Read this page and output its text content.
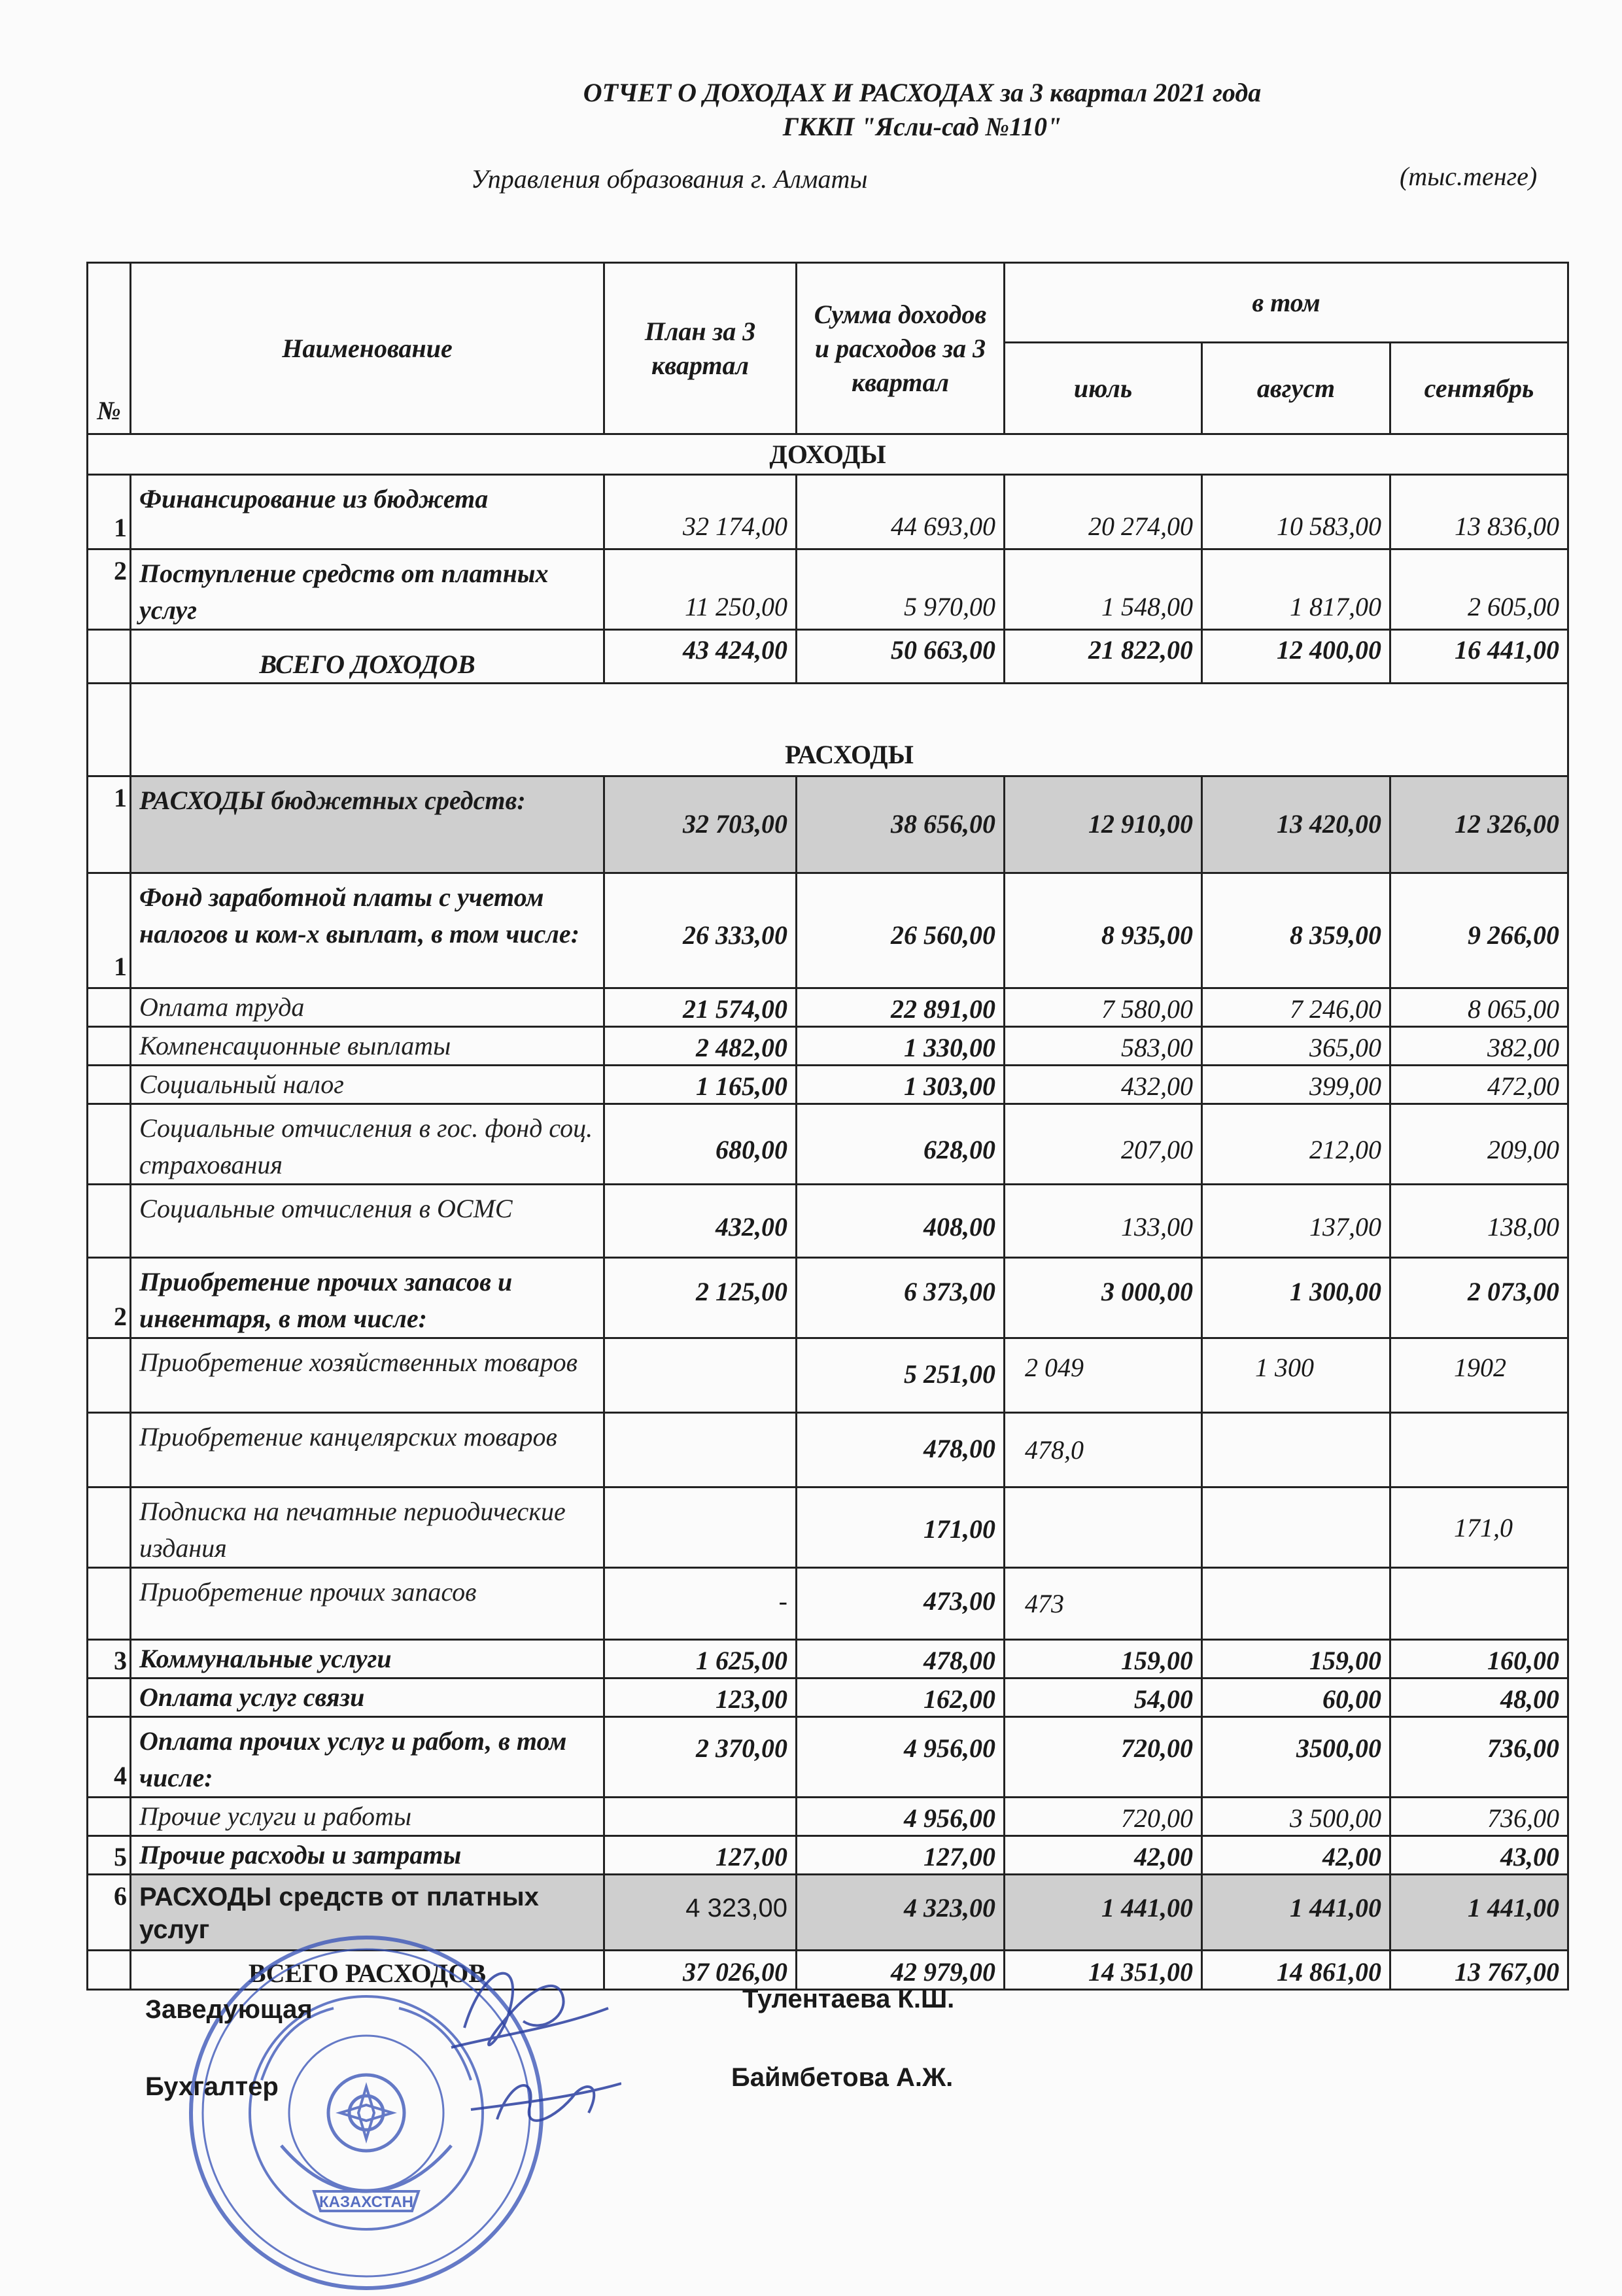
ОТЧЕТ О ДОХОДАХ И РАСХОДАХ за 3 квартал 2021 года
ГККП "Ясли-сад №110"
Управления образования г. Алматы	(тыс.тенге)
№	Наименование	План за 3 квартал	Сумма доходов и расходов за 3 квартал	в том		
				июль	август	сентябрь
ДОХОДЫ						
1	Финансирование из бюджета	32 174,00	44 693,00	20 274,00	10 583,00	13 836,00
2	Поступление средств от платных услуг	11 250,00	5 970,00	1 548,00	1 817,00	2 605,00
	ВСЕГО ДОХОДОВ	43 424,00	50 663,00	21 822,00	12 400,00	16 441,00
	РАСХОДЫ					
1	РАСХОДЫ бюджетных средств:	32 703,00	38 656,00	12 910,00	13 420,00	12 326,00
1	Фонд заработной платы с учетом налогов и ком-х выплат, в том числе:	26 333,00	26 560,00	8 935,00	8 359,00	9 266,00
	Оплата труда	21 574,00	22 891,00	7 580,00	7 246,00	8 065,00
	Компенсационные выплаты	2 482,00	1 330,00	583,00	365,00	382,00
	Социальный налог	1 165,00	1 303,00	432,00	399,00	472,00
	Социальные отчисления в гос. фонд соц. страхования	680,00	628,00	207,00	212,00	209,00
	Социальные отчисления в ОСМС	432,00	408,00	133,00	137,00	138,00
2	Приобретение прочих запасов и инвентаря, в том числе:	2 125,00	6 373,00	3 000,00	1 300,00	2 073,00
	Приобретение хозяйственных товаров		5 251,00	2 049	1 300	1902
	Приобретение канцелярских товаров		478,00	478,0		
	Подписка на печатные периодические издания		171,00			171,0
	Приобретение прочих запасов	-	473,00	473		
3	Коммунальные услуги	1 625,00	478,00	159,00	159,00	160,00
	Оплата услуг связи	123,00	162,00	54,00	60,00	48,00
4	Оплата прочих услуг и работ, в том числе:	2 370,00	4 956,00	720,00	3500,00	736,00
	Прочие услуги и работы		4 956,00	720,00	3 500,00	736,00
5	Прочие расходы и затраты	127,00	127,00	42,00	42,00	43,00
6	РАСХОДЫ средств от платных услуг	4 323,00	4 323,00	1 441,00	1 441,00	1 441,00
	ВСЕГО РАСХОДОВ	37 026,00	42 979,00	14 351,00	14 861,00	13 767,00
КАЗАХСТАН
Заведующая	Тулентаева К.Ш.
Бухгалтер	Баймбетова А.Ж.
